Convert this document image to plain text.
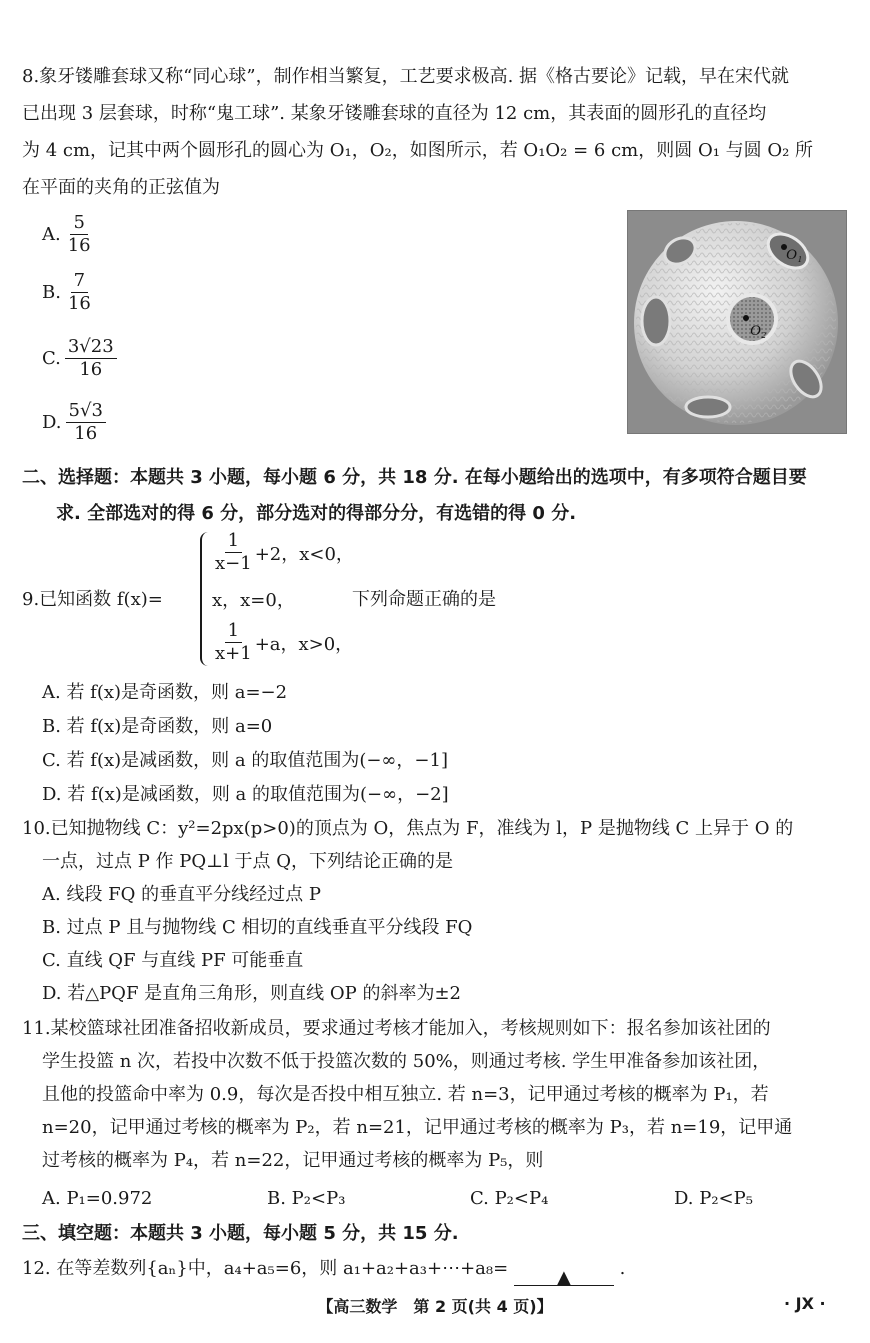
8.象牙镂雕套球又称“同心球”，制作相当繁复，工艺要求极高. 据《格古要论》记载，早在宋代就
已出现 3 层套球，时称“鬼工球”. 某象牙镂雕套球的直径为 12 cm，其表面的圆形孔的直径均
为 4 cm，记其中两个圆形孔的圆心为 O₁，O₂，如图所示，若 O₁O₂ = 6 cm，则圆 O₁ 与圆 O₂ 所
在平面的夹角的正弦值为
A. $\frac{5}{16}$
B. $\frac{7}{16}$
C. $\frac{3√23}{16}$
D. $\frac{5√3}{16}$
O₁
O₂
二、选择题：本题共 3 小题，每小题 6 分，共 18 分. 在每小题给出的选项中，有多项符合题目要
求. 全部选对的得 6 分，部分选对的得部分分，有选错的得 0 分.
9.已知函数 f(x)=
$\frac{1}{x-1} +2$，x<0，
x，x=0，
$\frac{1}{x+1} +a$，x>0，
下列命题正确的是
A. 若 f(x)是奇函数，则 a=−2
B. 若 f(x)是奇函数，则 a=0
C. 若 f(x)是减函数，则 a 的取值范围为(−∞，−1]
D. 若 f(x)是减函数，则 a 的取值范围为(−∞，−2]
10.已知抛物线 C：y²=2px(p>0)的顶点为 O，焦点为 F，准线为 l，P 是抛物线 C 上异于 O 的
一点，过点 P 作 PQ⊥l 于点 Q，下列结论正确的是
A. 线段 FQ 的垂直平分线经过点 P
B. 过点 P 且与抛物线 C 相切的直线垂直平分线段 FQ
C. 直线 QF 与直线 PF 可能垂直
D. 若△PQF 是直角三角形，则直线 OP 的斜率为±2
11.某校篮球社团准备招收新成员，要求通过考核才能加入，考核规则如下：报名参加该社团的
学生投篮 n 次，若投中次数不低于投篮次数的 50%，则通过考核. 学生甲准备参加该社团，
且他的投篮命中率为 0.9，每次是否投中相互独立. 若 n=3，记甲通过考核的概率为 P₁，若
n=20，记甲通过考核的概率为 P₂，若 n=21，记甲通过考核的概率为 P₃，若 n=19，记甲通
过考核的概率为 P₄，若 n=22，记甲通过考核的概率为 P₅，则
A. P₁=0.972	B. P₂<P₃	C. P₂<P₄	D. P₂<P₅
三、填空题：本题共 3 小题，每小题 5 分，共 15 分.
12. 在等差数列{aₙ}中，a₄+a₅=6，则 a₁+a₂+a₃+⋯+a₈=	▲	.
【高三数学　第 2 页(共 4 页)】	· JX ·
